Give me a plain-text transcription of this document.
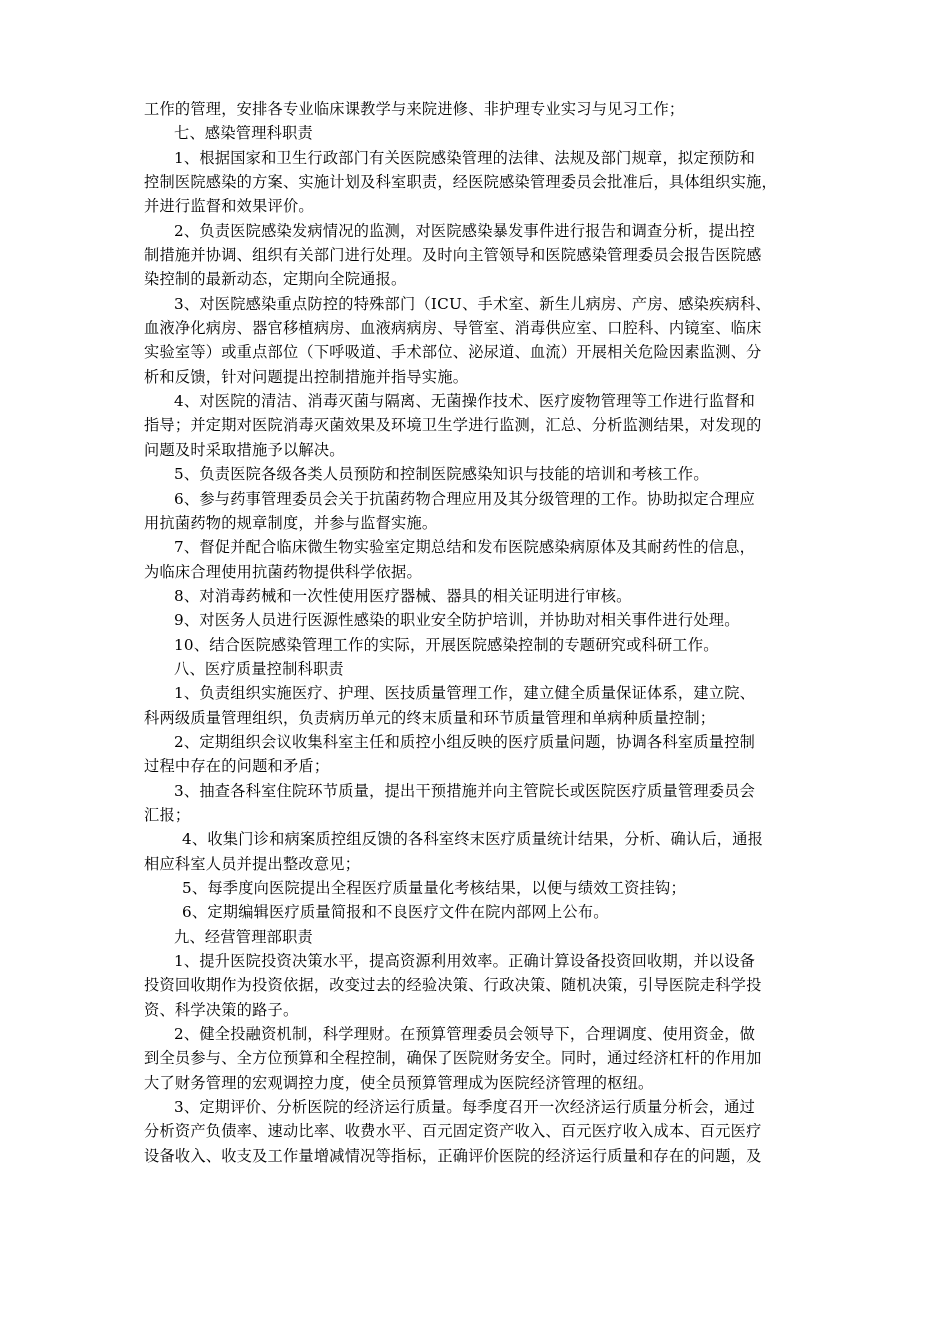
工作的管理，安排各专业临床课教学与来院进修、非护理专业实习与见习工作；
七、感染管理科职责
1、根据国家和卫生行政部门有关医院感染管理的法律、法规及部门规章，拟定预防和
控制医院感染的方案、实施计划及科室职责，经医院感染管理委员会批准后，具体组织实施，
并进行监督和效果评价。
2、负责医院感染发病情况的监测，对医院感染暴发事件进行报告和调查分析，提出控
制措施并协调、组织有关部门进行处理。及时向主管领导和医院感染管理委员会报告医院感
染控制的最新动态，定期向全院通报。
3、对医院感染重点防控的特殊部门（ICU、手术室、新生儿病房、产房、感染疾病科、
血液净化病房、器官移植病房、血液病病房、导管室、消毒供应室、口腔科、内镜室、临床
实验室等）或重点部位（下呼吸道、手术部位、泌尿道、血流）开展相关危险因素监测、分
析和反馈，针对问题提出控制措施并指导实施。
4、对医院的清洁、消毒灭菌与隔离、无菌操作技术、医疗废物管理等工作进行监督和
指导；并定期对医院消毒灭菌效果及环境卫生学进行监测，汇总、分析监测结果，对发现的
问题及时采取措施予以解决。
5、负责医院各级各类人员预防和控制医院感染知识与技能的培训和考核工作。
6、参与药事管理委员会关于抗菌药物合理应用及其分级管理的工作。协助拟定合理应
用抗菌药物的规章制度，并参与监督实施。
7、督促并配合临床微生物实验室定期总结和发布医院感染病原体及其耐药性的信息，
为临床合理使用抗菌药物提供科学依据。
8、对消毒药械和一次性使用医疗器械、器具的相关证明进行审核。
9、对医务人员进行医源性感染的职业安全防护培训，并协助对相关事件进行处理。
10、结合医院感染管理工作的实际，开展医院感染控制的专题研究或科研工作。
八、医疗质量控制科职责
1、负责组织实施医疗、护理、医技质量管理工作，建立健全质量保证体系，建立院、
科两级质量管理组织，负责病历单元的终末质量和环节质量管理和单病种质量控制；
2、定期组织会议收集科室主任和质控小组反映的医疗质量问题，协调各科室质量控制
过程中存在的问题和矛盾；
3、抽查各科室住院环节质量，提出干预措施并向主管院长或医院医疗质量管理委员会
汇报；
4、收集门诊和病案质控组反馈的各科室终末医疗质量统计结果，分析、确认后，通报
相应科室人员并提出整改意见；
5、每季度向医院提出全程医疗质量量化考核结果，以便与绩效工资挂钩；
6、定期编辑医疗质量简报和不良医疗文件在院内部网上公布。
九、经营管理部职责
1、提升医院投资决策水平，提高资源利用效率。正确计算设备投资回收期，并以设备
投资回收期作为投资依据，改变过去的经验决策、行政决策、随机决策，引导医院走科学投
资、科学决策的路子。
2、健全投融资机制，科学理财。在预算管理委员会领导下，合理调度、使用资金，做
到全员参与、全方位预算和全程控制，确保了医院财务安全。同时，通过经济杠杆的作用加
大了财务管理的宏观调控力度，使全员预算管理成为医院经济管理的枢纽。
3、定期评价、分析医院的经济运行质量。每季度召开一次经济运行质量分析会，通过
分析资产负债率、速动比率、收费水平、百元固定资产收入、百元医疗收入成本、百元医疗
设备收入、收支及工作量增减情况等指标，正确评价医院的经济运行质量和存在的问题，及
